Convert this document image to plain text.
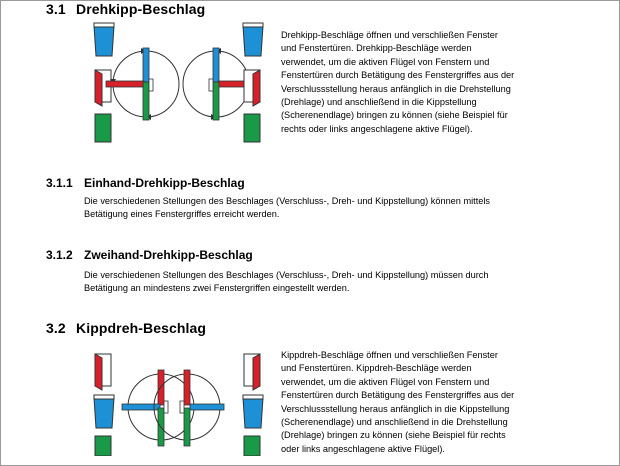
3.1 Drehkipp-Beschlag
Drehkipp-Beschläge öffnen und verschließen Fenster
und Fenstertüren. Drehkipp-Beschläge werden
verwendet, um die aktiven Flügel von Fenstern und
Fenstertüren durch Betätigung des Fenstergriffes aus der
Verschlussstellung heraus anfänglich in die Drehstellung
(Drehlage) und anschließend in die Kippstellung
(Scherenendlage) bringen zu können (siehe Beispiel für
rechts oder links angeschlagene aktive Flügel).
3.1.1 Einhand-Drehkipp-Beschlag
Die verschiedenen Stellungen des Beschlages (Verschluss-, Dreh- und Kippstellung) können mittels
Betätigung eines Fenstergriffes erreicht werden.
3.1.2 Zweihand-Drehkipp-Beschlag
Die verschiedenen Stellungen des Beschlages (Verschluss-, Dreh- und Kippstellung) müssen durch
Betätigung an mindestens zwei Fenstergriffen eingestellt werden.
3.2 Kippdreh-Beschlag
Kippdreh-Beschläge öffnen und verschließen Fenster
und Fenstertüren. Kippdreh-Beschläge werden
verwendet, um die aktiven Flügel von Fenstern und
Fenstertüren durch Betätigung des Fenstergriffes aus der
Verschlussstellung heraus anfänglich in die Kippstellung
(Scherenendlage) und anschließend in die Drehstellung
(Drehlage) bringen zu können (siehe Beispiel für rechts
oder links angeschlagene aktive Flügel).
